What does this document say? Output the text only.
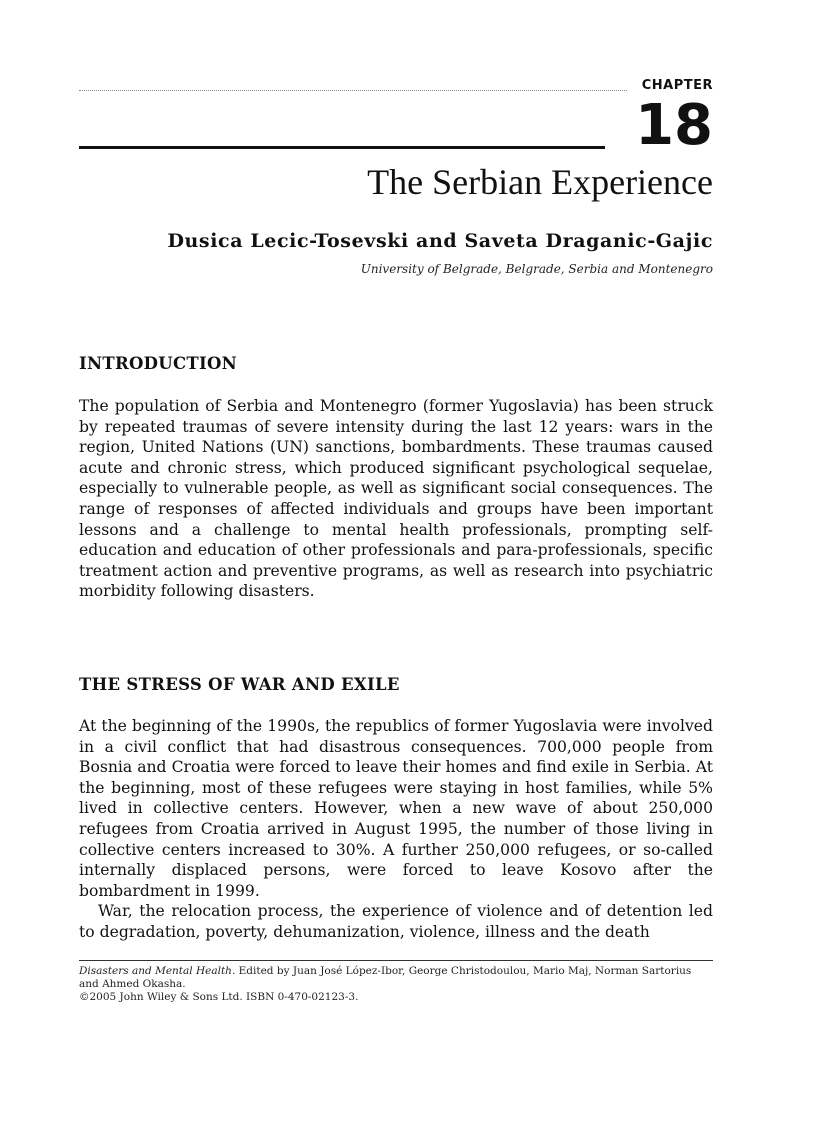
CHAPTER
18
The Serbian Experience
Dusica Lecic-Tosevski and Saveta Draganic-Gajic
University of Belgrade, Belgrade, Serbia and Montenegro
INTRODUCTION

The population of Serbia and Montenegro (former Yugoslavia) has been struck by repeated traumas of severe intensity during the last 12 years: wars in the region, United Nations (UN) sanctions, bombardments. These traumas caused acute and chronic stress, which produced significant psychological sequelae, especially to vulnerable people, as well as significant social consequences. The range of responses of affected individuals and groups have been important lessons and a challenge to mental health professionals, prompting self-education and education of other professionals and para-professionals, specific treatment action and preventive programs, as well as research into psychiatric morbidity following disasters.

THE STRESS OF WAR AND EXILE

At the beginning of the 1990s, the republics of former Yugoslavia were involved in a civil conflict that had disastrous consequences. 700,000 people from Bosnia and Croatia were forced to leave their homes and find exile in Serbia. At the beginning, most of these refugees were staying in host families, while 5% lived in collective centers. However, when a new wave of about 250,000 refugees from Croatia arrived in August 1995, the number of those living in collective centers increased to 30%. A further 250,000 refugees, or so-called internally displaced persons, were forced to leave Kosovo after the bombardment in 1999.

War, the relocation process, the experience of violence and of detention led to degradation, poverty, dehumanization, violence, illness and the death

Disasters and Mental Health. Edited by Juan José López-Ibor, George Christodoulou, Mario Maj, Norman Sartorius and Ahmed Okasha.
©2005 John Wiley & Sons Ltd. ISBN 0-470-02123-3.
